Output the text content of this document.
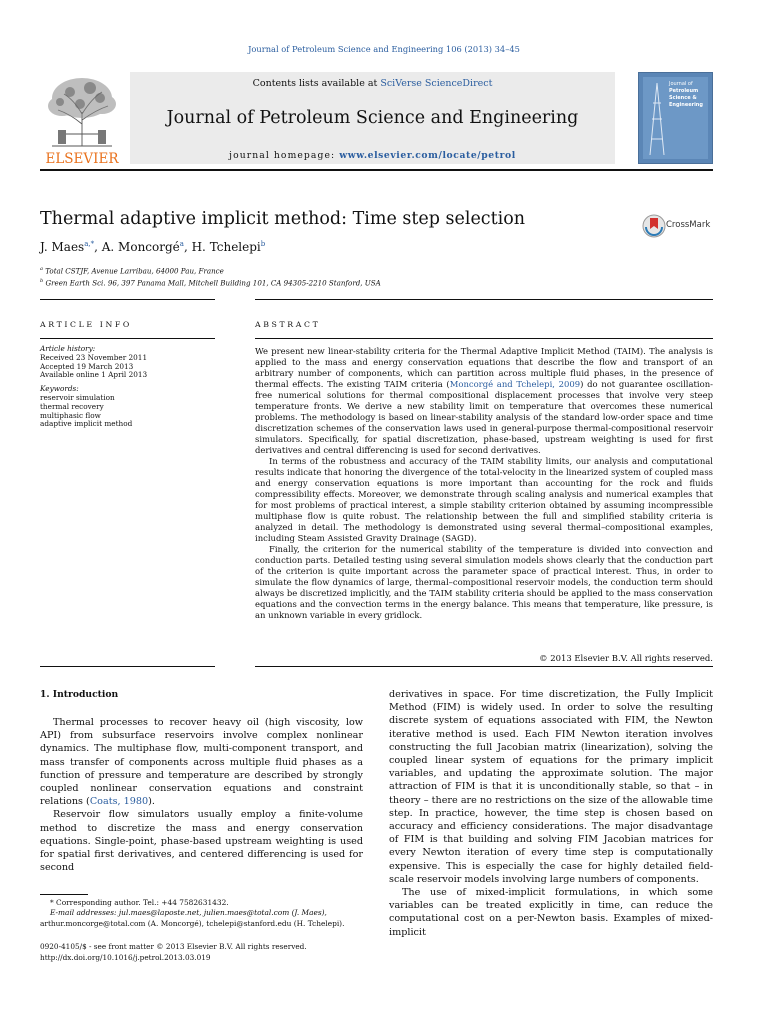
Journal of Petroleum Science and Engineering 106 (2013) 34–45
ELSEVIER
Contents lists available at SciVerse ScienceDirect
Journal of Petroleum Science and Engineering
journal homepage: www.elsevier.com/locate/petrol
Journal of
Petroleum
Science &
Engineering
Thermal adaptive implicit method: Time step selection	CrossMark
J. Maes$^{a,*}$, A. Moncorgé$^a$, H. Tchelepi$^b$
$^a$ Total CSTJF, Avenue Larribau, 64000 Pau, France
$^b$ Green Earth Sci. 96, 397 Panama Mall, Mitchell Building 101, CA 94305-2210 Stanford, USA
ARTICLE INFO	ABSTRACT
Article history:
Received 23 November 2011
Accepted 19 March 2013
Available online 1 April 2013
Keywords:
reservoir simulation
thermal recovery
multiphasic flow
adaptive implicit method

We present new linear-stability criteria for the Thermal Adaptive Implicit Method (TAIM). The analysis is applied to the mass and energy conservation equations that describe the flow and transport of an arbitrary number of components, which can partition across multiple fluid phases, in the presence of thermal effects. The existing TAIM criteria (Moncorgé and Tchelepi, 2009) do not guarantee oscillation-free numerical solutions for thermal compositional displacement processes that involve very steep temperature fronts. We derive a new stability limit on temperature that overcomes these numerical problems. The methodology is based on linear-stability analysis of the standard low-order space and time discretization schemes of the conservation laws used in general-purpose thermal-compositional reservoir simulators. Specifically, for spatial discretization, phase-based, upstream weighting is used for first derivatives and central differencing is used for second derivatives.

In terms of the robustness and accuracy of the TAIM stability limits, our analysis and computational results indicate that honoring the divergence of the total-velocity in the linearized system of coupled mass and energy conservation equations is more important than accounting for the rock and fluids compressibility effects. Moreover, we demonstrate through scaling analysis and numerical examples that for most problems of practical interest, a simple stability criterion obtained by assuming incompressible multiphase flow is quite robust. The relationship between the full and simplified stability criteria is analyzed in detail. The methodology is demonstrated using several thermal–compositional examples, including Steam Assisted Gravity Drainage (SAGD).

Finally, the criterion for the numerical stability of the temperature is divided into convection and conduction parts. Detailed testing using several simulation models shows clearly that the conduction part of the criterion is quite important across the parameter space of practical interest. Thus, in order to simulate the flow dynamics of large, thermal–compositional reservoir models, the conduction term should always be discretized implicitly, and the TAIM stability criteria should be applied to the mass conservation equations and the convection terms in the energy balance. This means that temperature, like pressure, is an unknown variable in every gridlock.

© 2013 Elsevier B.V. All rights reserved.
1. Introduction

Thermal processes to recover heavy oil (high viscosity, low API) from subsurface reservoirs involve complex nonlinear dynamics. The multiphase flow, multi-component transport, and mass transfer of components across multiple fluid phases as a function of pressure and temperature are described by strongly coupled nonlinear conservation equations and constraint relations (Coats, 1980).

Reservoir flow simulators usually employ a finite-volume method to discretize the mass and energy conservation equations. Single-point, phase-based upstream weighting is used for spatial first derivatives, and centered differencing is used for second

derivatives in space. For time discretization, the Fully Implicit Method (FIM) is widely used. In order to solve the resulting discrete system of equations associated with FIM, the Newton iterative method is used. Each FIM Newton iteration involves constructing the full Jacobian matrix (linearization), solving the coupled linear system of equations for the primary implicit variables, and updating the approximate solution. The major attraction of FIM is that it is unconditionally stable, so that – in theory – there are no restrictions on the size of the allowable time step. In practice, however, the time step is chosen based on accuracy and efficiency considerations. The major disadvantage of FIM is that building and solving FIM Jacobian matrices for every Newton iteration of every time step is computationally expensive. This is especially the case for highly detailed field-scale reservoir models involving large numbers of components.

The use of mixed-implicit formulations, in which some variables can be treated explicitly in time, can reduce the computational cost on a per-Newton basis. Examples of mixed-implicit

* Corresponding author. Tel.: +44 7582631432.
E-mail addresses: jul.maes@laposte.net, julien.maes@total.com (J. Maes),
arthur.moncorge@total.com (A. Moncorgé), tchelepi@stanford.edu (H. Tchelepi).
0920-4105/$ - see front matter © 2013 Elsevier B.V. All rights reserved.
http://dx.doi.org/10.1016/j.petrol.2013.03.019
